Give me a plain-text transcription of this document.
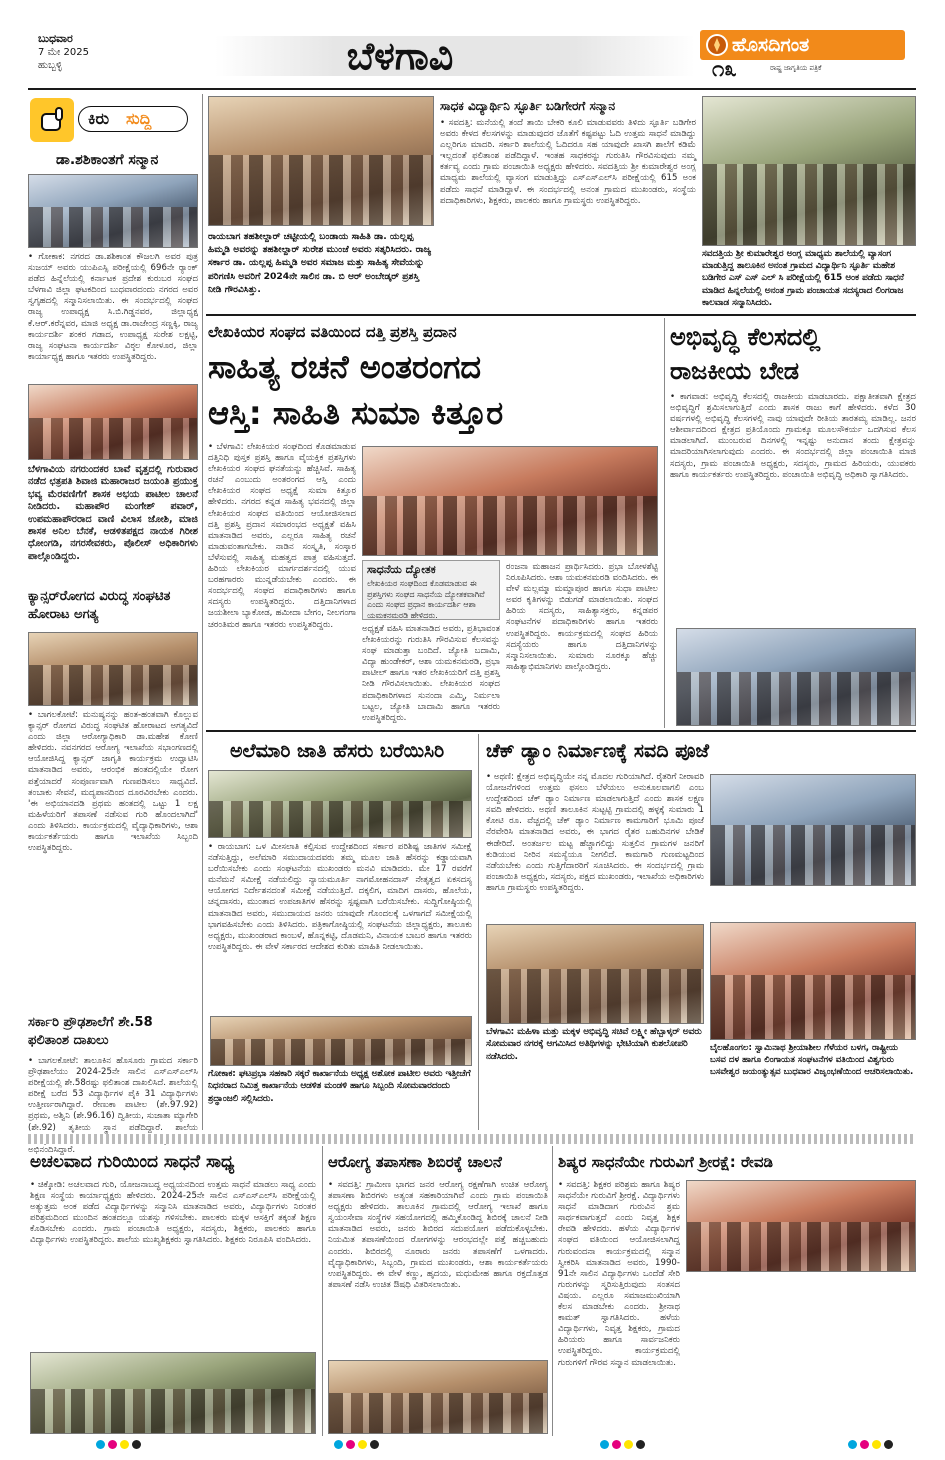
ಬುಧವಾರ
7 ಮೇ 2025
ಹುಬ್ಬಳ್ಳಿ	ಬೆಳಗಾವಿ	ಹೊಸದಿಗಂತ
ರಾಷ್ಟ್ರ ಜಾಗೃತಿಯ ಪತ್ರಿಕೆ
೧೩
ಕಿರು	ಸುದ್ದಿ
ಡಾ.ಶಶಿಕಾಂತಗೆ ಸನ್ಮಾನ
• ಗೋಕಾಕ: ನಗರದ ಡಾ.ಶಶಿಕಾಂತ ಕೌಜಲಗಿ ಅವರ ಪುತ್ರ ಸುಜಯ್ ಅವರು ಯುಪಿಎಸ್ಸಿ ಪರೀಕ್ಷೆಯಲ್ಲಿ 696ನೇ ರ‍್ಯಾಂಕ್ ಪಡೆದ ಹಿನ್ನೆಲೆಯಲ್ಲಿ ಕರ್ನಾಟಕ ಪ್ರದೇಶ ಕುರುಬರ ಸಂಘದ ಬೆಳಗಾವಿ ಜಿಲ್ಲಾ ಘಟಕದಿಂದ ಬುಧವಾರದಂದು ನಗರದ ಅವರ ಸ್ವಗೃಹದಲ್ಲಿ ಸನ್ಮಾನಿಸಲಾಯಿತು. ಈ ಸಂದರ್ಭದಲ್ಲಿ ಸಂಘದ ರಾಜ್ಯ ಉಪಾಧ್ಯಕ್ಷ ಸಿ.ಬಿ.ಗಿಡ್ಡನವರ, ಜಿಲ್ಲಾಧ್ಯಕ್ಷ ಕೆ.ಆರ್.ಕರೆನ್ನವರ, ಮಾಜಿ ಅಧ್ಯಕ್ಷ ಡಾ.ರಾಜೇಂದ್ರ ಸಣ್ಣಕ್ಕಿ, ರಾಜ್ಯ ಕಾರ್ಯದರ್ಶಿ ಶಂಕರ ಗಡಾದ, ಉಪಾಧ್ಯಕ್ಷ ಸುರೇಶ ಲಕ್ಷಟ್ಟಿ, ರಾಜ್ಯ ಸಂಘಟನಾ ಕಾರ್ಯದರ್ಶಿ ವಿಠ್ಠಲ ಕೋಳೂರ, ಜಿಲ್ಲಾ ಕಾರ್ಯಾಧ್ಯಕ್ಷ ಹಾಗೂ ಇತರರು ಉಪಸ್ಥಿತರಿದ್ದರು.
ಬೆಳಗಾವಿಯ ನಗರುಂದಕರ ಬಾವೆ ವೃತ್ತದಲ್ಲಿ ಗುರುವಾರ ನಡೆದ ಛತ್ರಪತಿ ಶಿವಾಜಿ ಮಹಾರಾಜರ ಜಯಂತಿ ಪ್ರಯುಕ್ತ ಭವ್ಯ ಮೆರವಣಿಗೆಗೆ ಶಾಸಕ ಅಭಯ ಪಾಟೀಲ ಚಾಲನೆ ನೀಡಿದರು. ಮಹಾಪೌರ ಮಂಗೇಶ್ ಪವಾರ್, ಉಪಮಹಾಪೌರರಾದ ವಾಣಿ ವಿಲಾಸ ಜೋಶಿ, ಮಾಜಿ ಶಾಸಕ ಅನಿಲ ಬೆನಕೆ, ಆಡಳಿತಪಕ್ಷದ ನಾಯಕ ಗಿರೀಶ ಧೋಂಗಡಿ, ನಗರಸೇವಕರು, ಪೊಲೀಸ್ ಅಧಿಕಾರಿಗಳು ಪಾಲ್ಗೊಂಡಿದ್ದರು.
ಕ್ಯಾನ್ಸರ್‌ರೋಗದ ವಿರುದ್ಧ ಸಂಘಟಿತ ಹೋರಾಟ ಅಗತ್ಯ
• ಬಾಗಲಕೋಟೆ: ಮನುಷ್ಯನನ್ನು ಹಂತ-ಹಂತವಾಗಿ ಕೊಲ್ಲುವ ಕ್ಯಾನ್ಸರ್ ರೋಗದ ವಿರುದ್ಧ ಸಂಘಟಿತ ಹೋರಾಟದ ಅಗತ್ಯವಿದೆ ಎಂದು ಜಿಲ್ಲಾ ಆರೋಗ್ಯಾಧಿಕಾರಿ ಡಾ.ಮಹೇಶ ಕೋಣಿ ಹೇಳಿದರು. ನವನಗರದ ಆರೋಗ್ಯ ಇಲಾಖೆಯ ಸಭಾಂಗಣದಲ್ಲಿ ಆಯೋಜಿಸಿದ್ದ ಕ್ಯಾನ್ಸರ್ ಜಾಗೃತಿ ಕಾರ್ಯಕ್ರಮ ಉದ್ಘಾಟಿಸಿ ಮಾತನಾಡಿದ ಅವರು, ಆರಂಭಿಕ ಹಂತದಲ್ಲಿಯೇ ರೋಗ ಪತ್ತೆಯಾದರೆ ಸಂಪೂರ್ಣವಾಗಿ ಗುಣಪಡಿಸಲು ಸಾಧ್ಯವಿದೆ. ತಂಬಾಕು ಸೇವನೆ, ಮದ್ಯಪಾನದಿಂದ ದೂರವಿರಬೇಕು ಎಂದರು. 'ಈ ಅಭಿಯಾನದಡಿ ಪ್ರಥಮ ಹಂತದಲ್ಲಿ ಒಟ್ಟು 1 ಲಕ್ಷ ಮಹಿಳೆಯರಿಗೆ ತಪಾಸಣೆ ನಡೆಸುವ ಗುರಿ ಹೊಂದಲಾಗಿದೆ' ಎಂದು ತಿಳಿಸಿದರು. ಕಾರ್ಯಕ್ರಮದಲ್ಲಿ ವೈದ್ಯಾಧಿಕಾರಿಗಳು, ಆಶಾ ಕಾರ್ಯಕರ್ತೆಯರು ಹಾಗೂ ಇಲಾಖೆಯ ಸಿಬ್ಬಂದಿ ಉಪಸ್ಥಿತರಿದ್ದರು.
ಸರ್ಕಾರಿ ಪ್ರೌಢಶಾಲೆಗೆ ಶೇ.58 ಫಲಿತಾಂಶ ದಾಖಲು
• ಬಾಗಲಕೋಟೆ: ತಾಲೂಕಿನ ಹೊಸೂರು ಗ್ರಾಮದ ಸರ್ಕಾರಿ ಪ್ರೌಢಶಾಲೆಯು 2024-25ನೇ ಸಾಲಿನ ಎಸ್‌ಎಸ್‌ಎಲ್‌ಸಿ ಪರೀಕ್ಷೆಯಲ್ಲಿ ಶೇ.58ರಷ್ಟು ಫಲಿತಾಂಶ ದಾಖಲಿಸಿದೆ. ಶಾಲೆಯಲ್ಲಿ ಪರೀಕ್ಷೆ ಬರೆದ 53 ವಿದ್ಯಾರ್ಥಿಗಳ ಪೈಕಿ 31 ವಿದ್ಯಾರ್ಥಿಗಳು ಉತ್ತೀರ್ಣರಾಗಿದ್ದಾರೆ. ರೇಣುಕಾ ಪಾಟೀಲ (ಶೇ.97.92) ಪ್ರಥಮ, ಅಶ್ವಿನಿ (ಶೇ.96.16) ದ್ವಿತೀಯ, ಸುಜಾತಾ ಮ್ಯಾಗೇರಿ (ಶೇ.92) ತೃತೀಯ ಸ್ಥಾನ ಪಡೆದಿದ್ದಾರೆ. ಶಾಲೆಯ ಅಭಿನಂದಿಸಿದ್ದಾರೆ.
ರಾಯಬಾಗ ತಹಶೀಲ್ದಾರ್ ಚಟ್ಟೀಯಲ್ಲಿ ಬಂಡಾಯ ಸಾಹಿತಿ ಡಾ. ಯಲ್ಲಪ್ಪ ಹಿಮ್ಮಡಿ ಅವರನ್ನು ತಹಶೀಲ್ದಾರ್ ಸುರೇಶ ಮುಂಜೆ ಅವರು ಸತ್ಕರಿಸಿದರು. ರಾಜ್ಯ ಸರ್ಕಾರ ಡಾ. ಯಲ್ಲಪ್ಪ ಹಿಮ್ಮಡಿ ಅವರ ಸಮಾಜ ಮತ್ತು ಸಾಹಿತ್ಯ ಸೇವೆಯನ್ನು ಪರಿಗಣಿಸಿ ಅವರಿಗೆ 2024ನೇ ಸಾಲಿನ ಡಾ. ಬಿ ಆರ್ ಅಂಬೇಡ್ಕರ್ ಪ್ರಶಸ್ತಿ ನೀಡಿ ಗೌರವಿಸಿತ್ತು.
ಸಾಧಕ ವಿದ್ಯಾರ್ಥಿನಿ ಸ್ಫೂರ್ತಿ ಬಡಿಗೇರಗೆ ಸನ್ಮಾನ
• ಸವದತ್ತಿ: ಮನೆಯಲ್ಲಿ ತಂದೆ ತಾಯಿ ಬೇಕರಿ ಕೂಲಿ ಮಾಡುವವರು ತಿಳಿದು ಸ್ಫೂರ್ತಿ ಬಡಿಗೇರ ಅವರು ಕೇಳದ ಕೆಲಸಗಳನ್ನು ಮಾಡುವುದರ ಜೊತೆಗೆ ಕಷ್ಟಪಟ್ಟು ಓದಿ ಉತ್ತಮ ಸಾಧನೆ ಮಾಡಿದ್ದು ಎಲ್ಲರಿಗೂ ಮಾದರಿ. ಸರ್ಕಾರಿ ಶಾಲೆಯಲ್ಲಿ ಓದಿದರೂ ಸಹ ಯಾವುದೇ ಖಾಸಗಿ ಶಾಲೆಗೆ ಕಡಿಮೆ ಇಲ್ಲದಂತೆ ಫಲಿತಾಂಶ ಪಡೆದಿದ್ದಾಳೆ. ಇಂತಹ ಸಾಧಕರನ್ನು ಗುರುತಿಸಿ ಗೌರವಿಸುವುದು ನಮ್ಮ ಕರ್ತವ್ಯ ಎಂದು ಗ್ರಾಮ ಪಂಚಾಯಿತಿ ಅಧ್ಯಕ್ಷರು ಹೇಳಿದರು. ಸವದತ್ತಿಯ ಶ್ರೀ ಕುಮಾರೇಶ್ವರ ಅಂಗ್ಲ ಮಾಧ್ಯಮ ಶಾಲೆಯಲ್ಲಿ ವ್ಯಾಸಂಗ ಮಾಡುತ್ತಿದ್ದು ಎಸ್‌ಎಸ್‌ಎಲ್‌ಸಿ ಪರೀಕ್ಷೆಯಲ್ಲಿ 615 ಅಂಕ ಪಡೆದು ಸಾಧನೆ ಮಾಡಿದ್ದಾಳೆ. ಈ ಸಂದರ್ಭದಲ್ಲಿ ಅನಂತ ಗ್ರಾಮದ ಮುಖಂಡರು, ಸಂಸ್ಥೆಯ ಪದಾಧಿಕಾರಿಗಳು, ಶಿಕ್ಷಕರು, ಪಾಲಕರು ಹಾಗೂ ಗ್ರಾಮಸ್ಥರು ಉಪಸ್ಥಿತರಿದ್ದರು.
ಸವದತ್ತಿಯ ಶ್ರೀ ಕುಮಾರೇಶ್ವರ ಅಂಗ್ಲ ಮಾಧ್ಯಮ ಶಾಲೆಯಲ್ಲಿ ವ್ಯಾಸಂಗ ಮಾಡುತ್ತಿದ್ದ ತಾಲೂಕಿನ ಅನಂತ ಗ್ರಾಮದ ವಿದ್ಯಾರ್ಥಿನಿ ಸ್ಫೂರ್ತಿ ಮಹೇಶ ಬಡಿಗೇರ ಎಸ್ ಎಸ್ ಎಲ್ ಸಿ ಪರೀಕ್ಷೆಯಲ್ಲಿ 615 ಅಂಕ ಪಡೆದು ಸಾಧನೆ ಮಾಡಿದ ಹಿನ್ನಲೆಯಲ್ಲಿ ಅನಂತ ಗ್ರಾಮ ಪಂಚಾಯತ ಸದಸ್ಯರಾದ ಲಿಂಗರಾಜ ಕಾಲವಾಡ ಸನ್ಮಾನಿಸಿದರು.
ಲೇಖಕಿಯರ ಸಂಘದ ವತಿಯಿಂದ ದತ್ತಿ ಪ್ರಶಸ್ತಿ ಪ್ರದಾನ
ಸಾಹಿತ್ಯ ರಚನೆ ಅಂತರಂಗದ
ಆಸ್ತಿ: ಸಾಹಿತಿ ಸುಮಾ ಕಿತ್ತೂರ
• ಬೆಳಗಾವಿ: ಲೇಖಕಿಯರ ಸಂಘದಿಂದ ಕೊಡಮಾಡುವ ದತ್ತಿನಿಧಿ ಪುಸ್ತಕ ಪ್ರಶಸ್ತಿ ಹಾಗೂ ವೈಯಕ್ತಿಕ ಪ್ರಶಸ್ತಿಗಳು ಲೇಖಕಿಯರ ಸಂಘದ ಘನತೆಯನ್ನು ಹೆಚ್ಚಿಸಿವೆ. ಸಾಹಿತ್ಯ ರಚನೆ ಎಂಬುದು ಅಂತರಂಗದ ಆಸ್ತಿ ಎಂದು ಲೇಖಕಿಯರ ಸಂಘದ ಅಧ್ಯಕ್ಷೆ ಸುಮಾ ಕಿತ್ತೂರ ಹೇಳಿದರು. ನಗರದ ಕನ್ನಡ ಸಾಹಿತ್ಯ ಭವನದಲ್ಲಿ ಜಿಲ್ಲಾ ಲೇಖಕಿಯರ ಸಂಘದ ವತಿಯಿಂದ ಆಯೋಜಿಸಲಾದ ದತ್ತಿ ಪ್ರಶಸ್ತಿ ಪ್ರದಾನ ಸಮಾರಂಭದ ಅಧ್ಯಕ್ಷತೆ ವಹಿಸಿ ಮಾತನಾಡಿದ ಅವರು, ಎಲ್ಲರೂ ಸಾಹಿತ್ಯ ರಚನೆ ಮಾಡುವಂತಾಗಬೇಕು. ನಾಡಿನ ಸಂಸ್ಕೃತಿ, ಸಂಸ್ಕಾರ ಬೆಳೆಸುವಲ್ಲಿ ಸಾಹಿತ್ಯ ಮಹತ್ವದ ಪಾತ್ರ ವಹಿಸುತ್ತದೆ. ಹಿರಿಯ ಲೇಖಕಿಯರ ಮಾರ್ಗದರ್ಶನದಲ್ಲಿ ಯುವ ಬರಹಗಾರರು ಮುನ್ನಡೆಯಬೇಕು ಎಂದರು. ಈ ಸಂದರ್ಭದಲ್ಲಿ ಸಂಘದ ಪದಾಧಿಕಾರಿಗಳು ಹಾಗೂ ಸದಸ್ಯರು ಉಪಸ್ಥಿತರಿದ್ದರು. ದತ್ತಿದಾನಿಗಳಾದ ಜಯಶೀಲಾ ಬ್ಯಾಕೋಡ, ಹಮೀದಾ ಬೇಗಂ, ನೀಲಗಂಗಾ ಚರಂತಿಮಠ ಹಾಗೂ ಇತರರು ಉಪಸ್ಥಿತರಿದ್ದರು.
ಸಾಧನೆಯ ದ್ಯೋತಕ
ಲೇಖಕಿಯರ ಸಂಘದಿಂದ ಕೊಡಮಾಡುವ ಈ ಪ್ರಶಸ್ತಿಗಳು ಸಂಘದ ಸಾಧನೆಯ ದ್ಯೋತಕವಾಗಿವೆ ಎಂದು ಸಂಘದ ಪ್ರಧಾನ ಕಾರ್ಯದರ್ಶಿ ಆಶಾ ಯಮಕನಮರಡಿ ಹೇಳಿದರು.
ಅಧ್ಯಕ್ಷತೆ ವಹಿಸಿ ಮಾತನಾಡಿದ ಅವರು, ಪ್ರತಿಭಾವಂತ ಲೇಖಕಿಯರನ್ನು ಗುರುತಿಸಿ ಗೌರವಿಸುವ ಕೆಲಸವನ್ನು ಸಂಘ ಮಾಡುತ್ತಾ ಬಂದಿದೆ. ಜ್ಯೋತಿ ಬದಾಮಿ, ವಿದ್ಯಾ ಹುಂಡೇಕರ್, ಆಶಾ ಯಮಕನಮರಡಿ, ಪ್ರಭಾ ಪಾಟೀಲ್ ಹಾಗೂ ಇತರ ಲೇಖಕಿಯರಿಗೆ ದತ್ತಿ ಪ್ರಶಸ್ತಿ ನೀಡಿ ಗೌರವಿಸಲಾಯಿತು. ಲೇಖಕಿಯರ ಸಂಘದ ಪದಾಧಿಕಾರಿಗಳಾದ ಸುನಂದಾ ಎಮ್ಮಿ, ನಿರ್ಮಲಾ ಬಟ್ಟಲ, ಜ್ಯೋತಿ ಬಾದಾಮಿ ಹಾಗೂ ಇತರರು ಉಪಸ್ಥಿತರಿದ್ದರು.
ರಂಜನಾ ಮಹಾಜನ ಪ್ರಾರ್ಥಿಸಿದರು. ಪ್ರಭಾ ಬೋಳಶೆಟ್ಟಿ ನಿರೂಪಿಸಿದರು. ಆಶಾ ಯಮಕನಮರಡಿ ವಂದಿಸಿದರು. ಈ ವೇಳೆ ಮಲ್ಲಮ್ಮಾ ಮಮ್ದಾಪೂರ ಹಾಗೂ ಸುಧಾ ಪಾಟೀಲ ಅವರ ಕೃತಿಗಳನ್ನು ಬಿಡುಗಡೆ ಮಾಡಲಾಯಿತು. ಸಂಘದ ಹಿರಿಯ ಸದಸ್ಯರು, ಸಾಹಿತ್ಯಾಸಕ್ತರು, ಕನ್ನಡಪರ ಸಂಘಟನೆಗಳ ಪದಾಧಿಕಾರಿಗಳು ಹಾಗೂ ಇತರರು ಉಪಸ್ಥಿತರಿದ್ದರು. ಕಾರ್ಯಕ್ರಮದಲ್ಲಿ ಸಂಘದ ಹಿರಿಯ ಸದಸ್ಯೆಯರು ಹಾಗೂ ದತ್ತಿದಾನಿಗಳನ್ನು ಸನ್ಮಾನಿಸಲಾಯಿತು. ಸುಮಾರು ನೂರಕ್ಕೂ ಹೆಚ್ಚು ಸಾಹಿತ್ಯಾಭಿಮಾನಿಗಳು ಪಾಲ್ಗೊಂಡಿದ್ದರು.
ಅಭಿವೃದ್ಧಿ ಕೆಲಸದಲ್ಲಿ
ರಾಜಕೀಯ ಬೇಡ
• ಕಾಗವಾಡ: ಅಭಿವೃದ್ಧಿ ಕೆಲಸದಲ್ಲಿ ರಾಜಕೀಯ ಮಾಡಬಾರದು. ಪಕ್ಷಾತೀತವಾಗಿ ಕ್ಷೇತ್ರದ ಅಭಿವೃದ್ಧಿಗೆ ಶ್ರಮಿಸಲಾಗುತ್ತಿದೆ ಎಂದು ಶಾಸಕ ರಾಜು ಕಾಗೆ ಹೇಳಿದರು. ಕಳೆದ 30 ವರ್ಷಗಳಲ್ಲಿ ಅಭಿವೃದ್ಧಿ ಕೆಲಸಗಳಲ್ಲಿ ನಾವು ಯಾವುದೇ ರೀತಿಯ ತಾರತಮ್ಯ ಮಾಡಿಲ್ಲ. ಜನರ ಆಶೀರ್ವಾದದಿಂದ ಕ್ಷೇತ್ರದ ಪ್ರತಿಯೊಂದು ಗ್ರಾಮಕ್ಕೂ ಮೂಲಸೌಕರ್ಯ ಒದಗಿಸುವ ಕೆಲಸ ಮಾಡಲಾಗಿದೆ. ಮುಂಬರುವ ದಿನಗಳಲ್ಲಿ ಇನ್ನಷ್ಟು ಅನುದಾನ ತಂದು ಕ್ಷೇತ್ರವನ್ನು ಮಾದರಿಯಾಗಿಸಲಾಗುವುದು ಎಂದರು. ಈ ಸಂದರ್ಭದಲ್ಲಿ ಜಿಲ್ಲಾ ಪಂಚಾಯಿತಿ ಮಾಜಿ ಸದಸ್ಯರು, ಗ್ರಾಮ ಪಂಚಾಯಿತಿ ಅಧ್ಯಕ್ಷರು, ಸದಸ್ಯರು, ಗ್ರಾಮದ ಹಿರಿಯರು, ಯುವಕರು ಹಾಗೂ ಕಾರ್ಯಕರ್ತರು ಉಪಸ್ಥಿತರಿದ್ದರು. ಪಂಚಾಯಿತಿ ಅಭಿವೃದ್ಧಿ ಅಧಿಕಾರಿ ಸ್ವಾಗತಿಸಿದರು.
ಅಲೆಮಾರಿ ಜಾತಿ ಹೆಸರು ಬರೆಯಿಸಿರಿ
• ರಾಯಬಾಗ: ಒಳ ಮೀಸಲಾತಿ ಕಲ್ಪಿಸುವ ಉದ್ದೇಶದಿಂದ ಸರ್ಕಾರ ಪರಿಶಿಷ್ಟ ಜಾತಿಗಳ ಸಮೀಕ್ಷೆ ನಡೆಸುತ್ತಿದ್ದು, ಅಲೆಮಾರಿ ಸಮುದಾಯದವರು ತಮ್ಮ ಮೂಲ ಜಾತಿ ಹೆಸರನ್ನು ಕಡ್ಡಾಯವಾಗಿ ಬರೆಯಿಸಬೇಕು ಎಂದು ಸಂಘಟನೆಯ ಮುಖಂಡರು ಮನವಿ ಮಾಡಿದರು. ಮೇ 17 ರವರೆಗೆ ಮನೆಮನೆ ಸಮೀಕ್ಷೆ ನಡೆಯಲಿದ್ದು ನ್ಯಾಯಮೂರ್ತಿ ನಾಗಮೋಹನದಾಸ್ ನೇತೃತ್ವದ ಏಕಸದಸ್ಯ ಆಯೋಗದ ನಿರ್ದೇಶನದಂತೆ ಸಮೀಕ್ಷೆ ನಡೆಯುತ್ತಿದೆ. ದಕ್ಕಲಿಗ, ಮಾದಿಗ ದಾಸರು, ಹೊಲೆಯ, ಚನ್ನದಾಸರು, ಮುಂತಾದ ಉಪಜಾತಿಗಳ ಹೆಸರನ್ನು ಸ್ಪಷ್ಟವಾಗಿ ಬರೆಯಿಸಬೇಕು. ಸುದ್ದಿಗೋಷ್ಠಿಯಲ್ಲಿ ಮಾತನಾಡಿದ ಅವರು, ಸಮುದಾಯದ ಜನರು ಯಾವುದೇ ಗೊಂದಲಕ್ಕೆ ಒಳಗಾಗದೆ ಸಮೀಕ್ಷೆಯಲ್ಲಿ ಭಾಗವಹಿಸಬೇಕು ಎಂದು ತಿಳಿಸಿದರು. ಪತ್ರಿಕಾಗೋಷ್ಠಿಯಲ್ಲಿ ಸಂಘಟನೆಯ ಜಿಲ್ಲಾಧ್ಯಕ್ಷರು, ತಾಲೂಕು ಅಧ್ಯಕ್ಷರು, ಮುಖಂಡರಾದ ಕಾಂಬಳೆ, ಹೊನ್ನಕಟ್ಟಿ, ದೊಡಮನಿ, ವಿನಾಯಕ ಬಾಬರ ಹಾಗೂ ಇತರರು ಉಪಸ್ಥಿತರಿದ್ದರು. ಈ ವೇಳೆ ಸರ್ಕಾರದ ಆದೇಶದ ಕುರಿತು ಮಾಹಿತಿ ನೀಡಲಾಯಿತು.
ಗೋಕಾಕ: ಘಟಪ್ರಭಾ ಸಹಕಾರಿ ಸಕ್ಕರೆ ಕಾರ್ಖಾನೆಯ ಅಧ್ಯಕ್ಷ ಅಶೋಕ ಪಾಟೀಲ ಅವರು ಇತ್ತೀಚೆಗೆ ನಿಧನರಾದ ನಿಮಿತ್ತ ಕಾರ್ಖಾನೆಯ ಆಡಳಿತ ಮಂಡಳಿ ಹಾಗೂ ಸಿಬ್ಬಂದಿ ಸೋಮವಾರದಂದು ಶ್ರದ್ಧಾಂಜಲಿ ಸಲ್ಲಿಸಿದರು.
ಚೆಕ್ ಡ್ಯಾಂ ನಿರ್ಮಾಣಕ್ಕೆ ಸವದಿ ಪೂಜೆ
• ಅಥಣಿ: ಕ್ಷೇತ್ರದ ಅಭಿವೃದ್ಧಿಯೇ ನನ್ನ ಮೊದಲ ಗುರಿಯಾಗಿದೆ. ರೈತರಿಗೆ ನೀರಾವರಿ ಯೋಜನೆಗಳಿಂದ ಉತ್ತಮ ಫಸಲು ಬೆಳೆಯಲು ಅನುಕೂಲವಾಗಲಿ ಎಂಬ ಉದ್ದೇಶದಿಂದ ಚೆಕ್ ಡ್ಯಾಂ ನಿರ್ಮಾಣ ಮಾಡಲಾಗುತ್ತಿದೆ ಎಂದು ಶಾಸಕ ಲಕ್ಷ್ಮಣ ಸವದಿ ಹೇಳಿದರು. ಅಥಣಿ ತಾಲೂಕಿನ ಸುಟ್ಟಟ್ಟಿ ಗ್ರಾಮದಲ್ಲಿ ಹಳ್ಳಕ್ಕೆ ಸುಮಾರು 1 ಕೋಟಿ ರೂ. ವೆಚ್ಚದಲ್ಲಿ ಚೆಕ್ ಡ್ಯಾಂ ನಿರ್ಮಾಣ ಕಾಮಗಾರಿಗೆ ಭೂಮಿ ಪೂಜೆ ನೆರವೇರಿಸಿ ಮಾತನಾಡಿದ ಅವರು, ಈ ಭಾಗದ ರೈತರ ಬಹುದಿನಗಳ ಬೇಡಿಕೆ ಈಡೇರಿದೆ. ಅಂತರ್ಜಲ ಮಟ್ಟ ಹೆಚ್ಚಾಗಲಿದ್ದು ಸುತ್ತಲಿನ ಗ್ರಾಮಗಳ ಜನರಿಗೆ ಕುಡಿಯುವ ನೀರಿನ ಸಮಸ್ಯೆಯೂ ನೀಗಲಿದೆ. ಕಾಮಗಾರಿ ಗುಣಮಟ್ಟದಿಂದ ನಡೆಯಬೇಕು ಎಂದು ಗುತ್ತಿಗೆದಾರರಿಗೆ ಸೂಚಿಸಿದರು. ಈ ಸಂದರ್ಭದಲ್ಲಿ ಗ್ರಾಮ ಪಂಚಾಯಿತಿ ಅಧ್ಯಕ್ಷರು, ಸದಸ್ಯರು, ಪಕ್ಷದ ಮುಖಂಡರು, ಇಲಾಖೆಯ ಅಧಿಕಾರಿಗಳು ಹಾಗೂ ಗ್ರಾಮಸ್ಥರು ಉಪಸ್ಥಿತರಿದ್ದರು.
ಬೆಳಗಾವಿ: ಮಹಿಳಾ ಮತ್ತು ಮಕ್ಕಳ ಅಭಿವೃದ್ಧಿ ಸಚಿವೆ ಲಕ್ಷ್ಮೀ ಹೆಬ್ಬಾಳ್ಕರ್ ಅವರು ಸೋಮವಾರ ನಗರಕ್ಕೆ ಆಗಮಿಸಿದ ಅತಿಥಿಗಳನ್ನು ಭೇಟಿಯಾಗಿ ಕುಶಲೋಪರಿ ನಡೆಸಿದರು.
ಬೈಲಹೊಂಗಲ: ಸ್ವಾಮಿನಾಥ ಶ್ರೀಯಾಶೀಲ ಗೆಳೆಯರ ಬಳಗ, ರಾಷ್ಟ್ರೀಯ ಬಸವ ದಳ ಹಾಗೂ ಲಿಂಗಾಯತ ಸಂಘಟನೆಗಳ ವತಿಯಿಂದ ವಿಶ್ವಗುರು ಬಸವೇಶ್ವರ ಜಯಂತ್ಯುತ್ಸವ ಬುಧವಾರ ವಿಜೃಂಭಣೆಯಿಂದ ಆಚರಿಸಲಾಯಿತು.
ಅಚಲವಾದ ಗುರಿಯಿಂದ ಸಾಧನೆ ಸಾಧ್ಯ
• ಚಿಕ್ಕೋಡಿ: ಅಚಲವಾದ ಗುರಿ, ಯೋಜನಾಬದ್ಧ ಅಧ್ಯಯನದಿಂದ ಉತ್ತಮ ಸಾಧನೆ ಮಾಡಲು ಸಾಧ್ಯ ಎಂದು ಶಿಕ್ಷಣ ಸಂಸ್ಥೆಯ ಕಾರ್ಯಾಧ್ಯಕ್ಷರು ಹೇಳಿದರು. 2024-25ನೇ ಸಾಲಿನ ಎಸ್‌ಎಸ್‌ಎಲ್‌ಸಿ ಪರೀಕ್ಷೆಯಲ್ಲಿ ಅತ್ಯುತ್ತಮ ಅಂಕ ಪಡೆದ ವಿದ್ಯಾರ್ಥಿಗಳನ್ನು ಸನ್ಮಾನಿಸಿ ಮಾತನಾಡಿದ ಅವರು, ವಿದ್ಯಾರ್ಥಿಗಳು ನಿರಂತರ ಪರಿಶ್ರಮದಿಂದ ಮುಂದಿನ ಹಂತದಲ್ಲೂ ಯಶಸ್ಸು ಗಳಿಸಬೇಕು. ಪಾಲಕರು ಮಕ್ಕಳ ಆಸಕ್ತಿಗೆ ತಕ್ಕಂತೆ ಶಿಕ್ಷಣ ಕೊಡಿಸಬೇಕು ಎಂದರು. ಗ್ರಾಮ ಪಂಚಾಯಿತಿ ಅಧ್ಯಕ್ಷರು, ಸದಸ್ಯರು, ಶಿಕ್ಷಕರು, ಪಾಲಕರು ಹಾಗೂ ವಿದ್ಯಾರ್ಥಿಗಳು ಉಪಸ್ಥಿತರಿದ್ದರು. ಶಾಲೆಯ ಮುಖ್ಯಶಿಕ್ಷಕರು ಸ್ವಾಗತಿಸಿದರು. ಶಿಕ್ಷಕರು ನಿರೂಪಿಸಿ ವಂದಿಸಿದರು.
ಆರೋಗ್ಯ ತಪಾಸಣಾ ಶಿಬಿರಕ್ಕೆ ಚಾಲನೆ
• ಸವದತ್ತಿ: ಗ್ರಾಮೀಣ ಭಾಗದ ಜನರ ಆರೋಗ್ಯ ರಕ್ಷಣೆಗಾಗಿ ಉಚಿತ ಆರೋಗ್ಯ ತಪಾಸಣಾ ಶಿಬಿರಗಳು ಅತ್ಯಂತ ಸಹಕಾರಿಯಾಗಿವೆ ಎಂದು ಗ್ರಾಮ ಪಂಚಾಯಿತಿ ಅಧ್ಯಕ್ಷರು ಹೇಳಿದರು. ತಾಲೂಕಿನ ಗ್ರಾಮದಲ್ಲಿ ಆರೋಗ್ಯ ಇಲಾಖೆ ಹಾಗೂ ಸ್ವಯಂಸೇವಾ ಸಂಸ್ಥೆಗಳ ಸಹಯೋಗದಲ್ಲಿ ಹಮ್ಮಿಕೊಂಡಿದ್ದ ಶಿಬಿರಕ್ಕೆ ಚಾಲನೆ ನೀಡಿ ಮಾತನಾಡಿದ ಅವರು, ಜನರು ಶಿಬಿರದ ಸದುಪಯೋಗ ಪಡೆದುಕೊಳ್ಳಬೇಕು. ನಿಯಮಿತ ತಪಾಸಣೆಯಿಂದ ರೋಗಗಳನ್ನು ಆರಂಭದಲ್ಲೇ ಪತ್ತೆ ಹಚ್ಚಬಹುದು ಎಂದರು. ಶಿಬಿರದಲ್ಲಿ ನೂರಾರು ಜನರು ತಪಾಸಣೆಗೆ ಒಳಗಾದರು. ವೈದ್ಯಾಧಿಕಾರಿಗಳು, ಸಿಬ್ಬಂದಿ, ಗ್ರಾಮದ ಮುಖಂಡರು, ಆಶಾ ಕಾರ್ಯಕರ್ತೆಯರು ಉಪಸ್ಥಿತರಿದ್ದರು. ಈ ವೇಳೆ ಕಣ್ಣು, ಹೃದಯ, ಮಧುಮೇಹ ಹಾಗೂ ರಕ್ತದೊತ್ತಡ ತಪಾಸಣೆ ನಡೆಸಿ ಉಚಿತ ಔಷಧಿ ವಿತರಿಸಲಾಯಿತು.
ಶಿಷ್ಯರ ಸಾಧನೆಯೇ ಗುರುವಿಗೆ ಶ್ರೀರಕ್ಷೆ: ರೇವಡಿ
• ಸವದತ್ತಿ: ಶಿಕ್ಷಕರ ಪರಿಶ್ರಮ ಹಾಗೂ ಶಿಷ್ಯರ ಸಾಧನೆಯೇ ಗುರುವಿಗೆ ಶ್ರೀರಕ್ಷೆ. ವಿದ್ಯಾರ್ಥಿಗಳು ಸಾಧನೆ ಮಾಡಿದಾಗ ಗುರುವಿನ ಶ್ರಮ ಸಾರ್ಥಕವಾಗುತ್ತದೆ ಎಂದು ನಿವೃತ್ತ ಶಿಕ್ಷಕ ರೇವಡಿ ಹೇಳಿದರು. ಹಳೆಯ ವಿದ್ಯಾರ್ಥಿಗಳ ಸಂಘದ ವತಿಯಿಂದ ಆಯೋಜಿಸಲಾಗಿದ್ದ ಗುರುವಂದನಾ ಕಾರ್ಯಕ್ರಮದಲ್ಲಿ ಸನ್ಮಾನ ಸ್ವೀಕರಿಸಿ ಮಾತನಾಡಿದ ಅವರು, 1990-91ನೇ ಸಾಲಿನ ವಿದ್ಯಾರ್ಥಿಗಳು ಒಂದೆಡೆ ಸೇರಿ ಗುರುಗಳನ್ನು ಸ್ಮರಿಸುತ್ತಿರುವುದು ಸಂತಸದ ವಿಷಯ. ಎಲ್ಲರೂ ಸಮಾಜಮುಖಿಯಾಗಿ ಕೆಲಸ ಮಾಡಬೇಕು ಎಂದರು. ಶ್ರೀನಾಥ ಕಾಮತ್ ಸ್ವಾಗತಿಸಿದರು. ಹಳೆಯ ವಿದ್ಯಾರ್ಥಿಗಳು, ನಿವೃತ್ತ ಶಿಕ್ಷಕರು, ಗ್ರಾಮದ ಹಿರಿಯರು ಹಾಗೂ ಸಾರ್ವಜನಿಕರು ಉಪಸ್ಥಿತರಿದ್ದರು. ಕಾರ್ಯಕ್ರಮದಲ್ಲಿ ಗುರುಗಳಿಗೆ ಗೌರವ ಸನ್ಮಾನ ಮಾಡಲಾಯಿತು.
